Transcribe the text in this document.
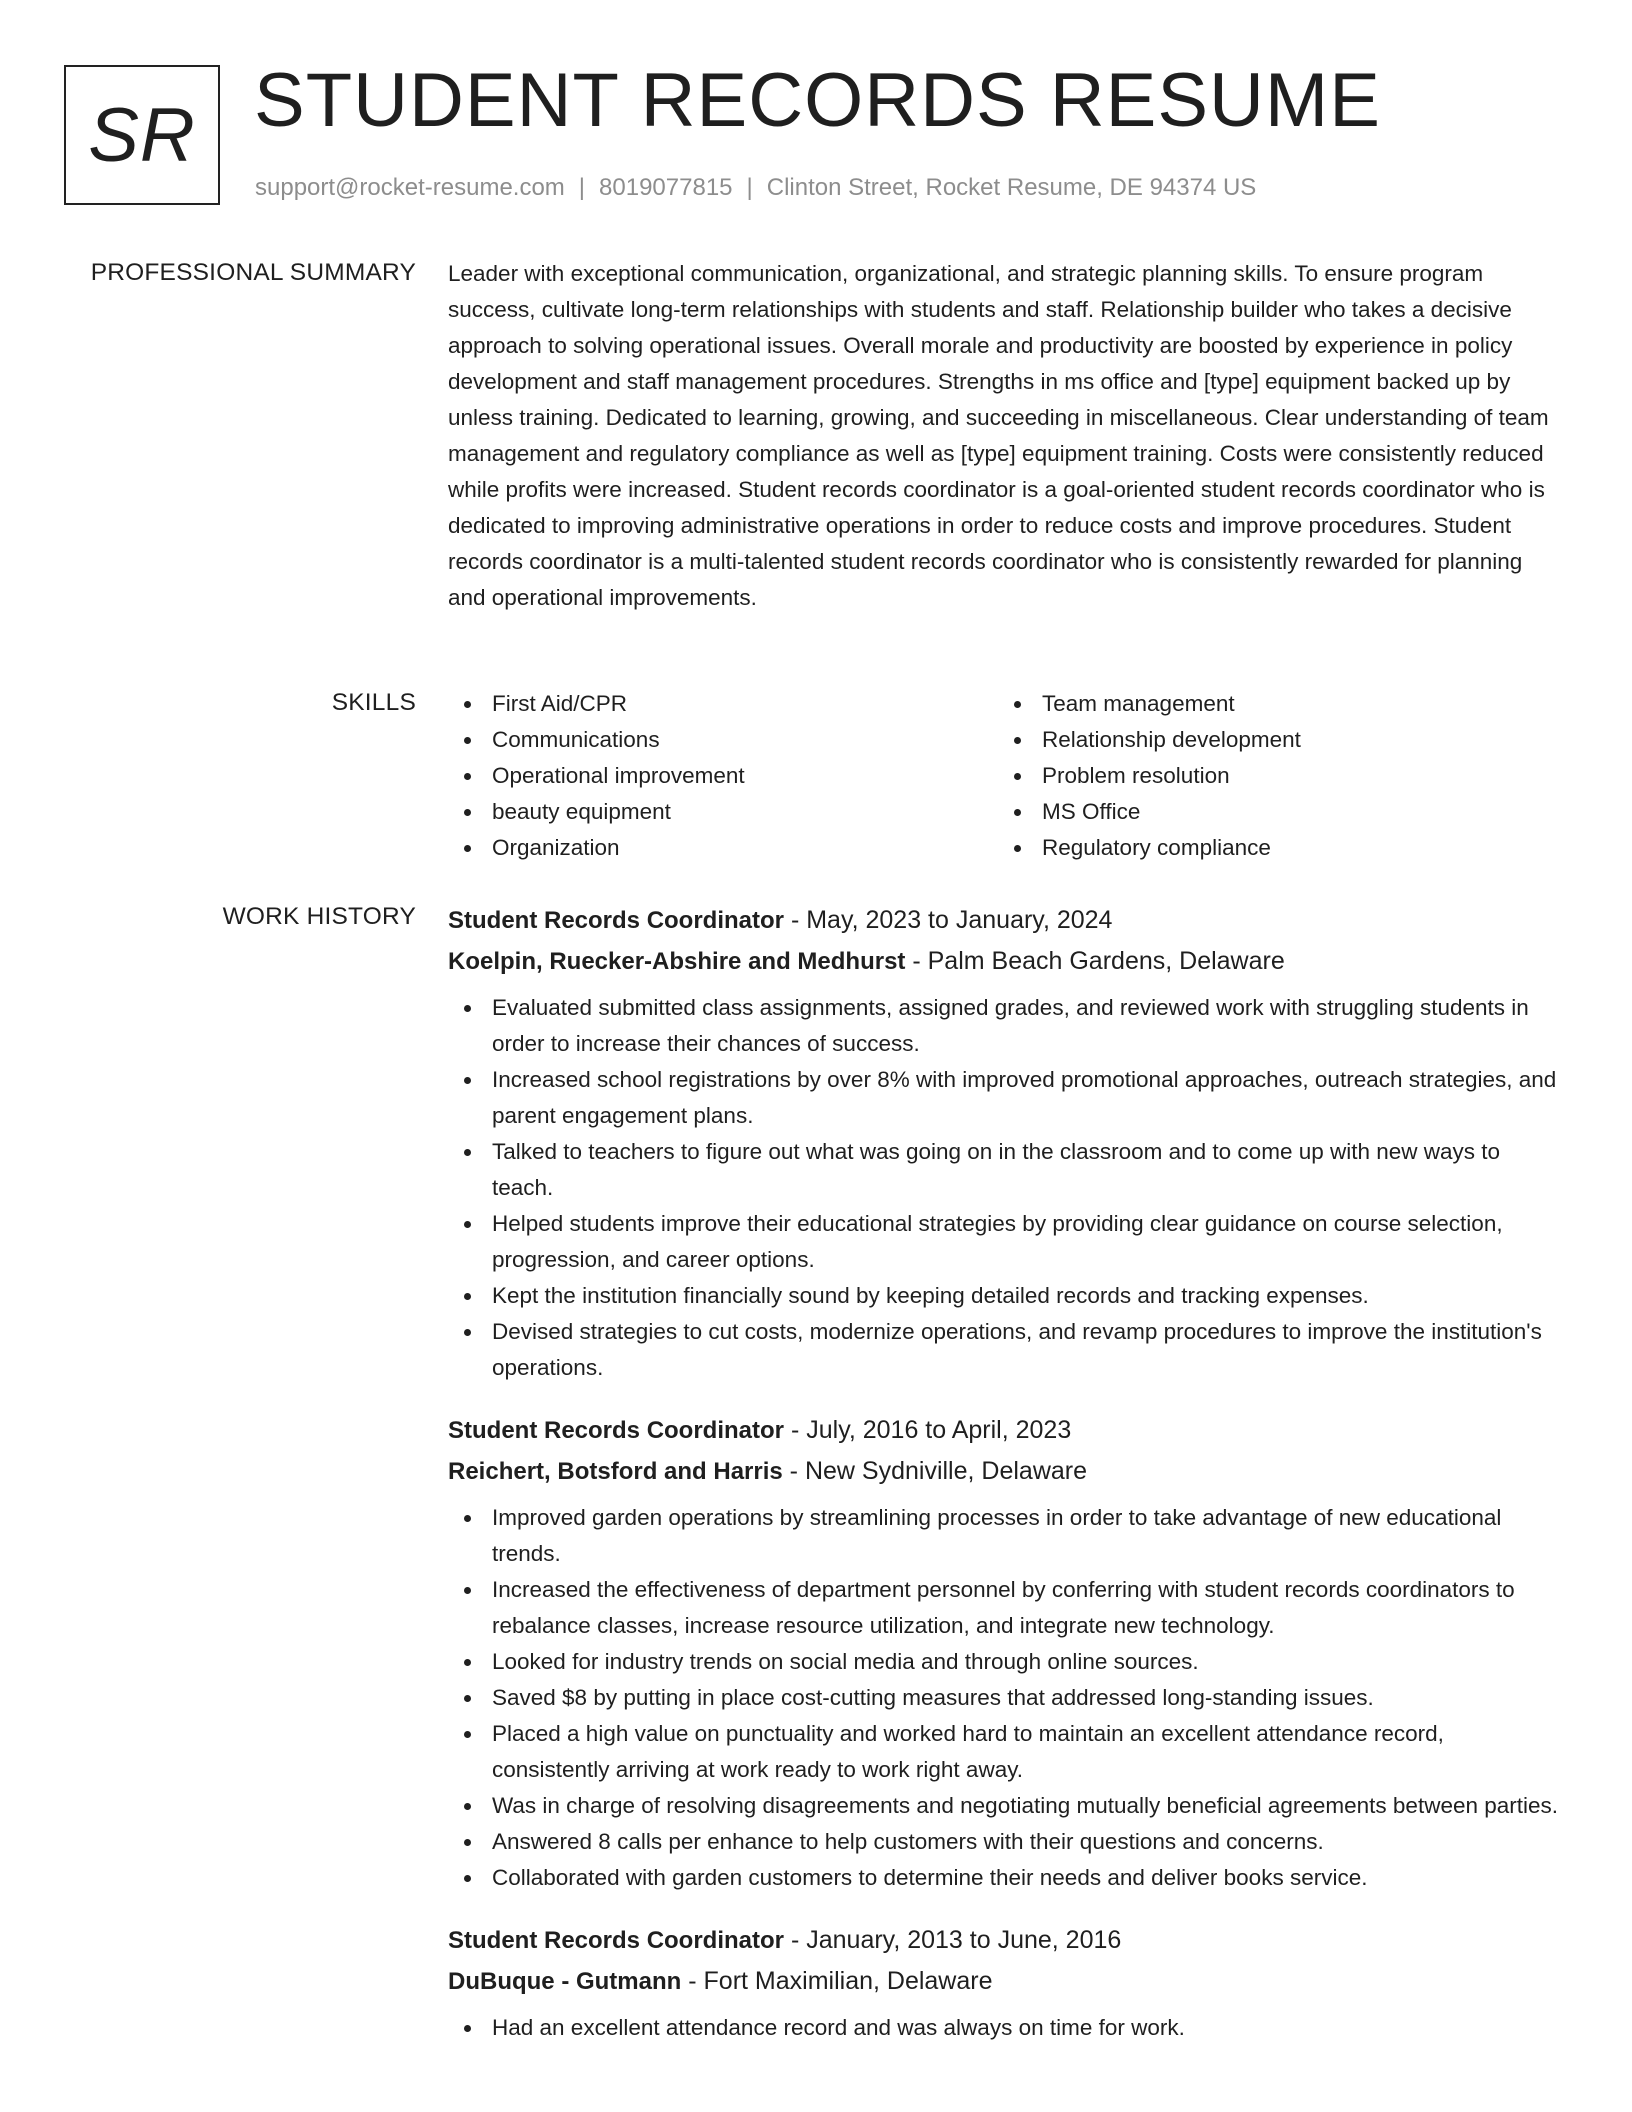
SR STUDENT RECORDS RESUME
support@rocket-resume.com | 8019077815 | Clinton Street, Rocket Resume, DE 94374 US
PROFESSIONAL SUMMARY Leader with exceptional communication, organizational, and strategic planning skills. To ensure program success, cultivate long-term relationships with students and staff. Relationship builder who takes a decisive approach to solving operational issues. Overall morale and productivity are boosted by experience in policy development and staff management procedures. Strengths in ms office and [type] equipment backed up by unless training. Dedicated to learning, growing, and succeeding in miscellaneous. Clear understanding of team management and regulatory compliance as well as [type] equipment training. Costs were consistently reduced while profits were increased. Student records coordinator is a goal-oriented student records coordinator who is dedicated to improving administrative operations in order to reduce costs and improve procedures. Student records coordinator is a multi-talented student records coordinator who is consistently rewarded for planning and operational improvements.

SKILLS	First Aid/CPR
Communications
Operational improvement
beauty equipment
Organization
Team management
Relationship development
Problem resolution
MS Office
Regulatory compliance
WORK HISTORY Student Records Coordinator - May, 2023 to January, 2024
Koelpin, Ruecker-Abshire and Medhurst - Palm Beach Gardens, Delaware
Evaluated submitted class assignments, assigned grades, and reviewed work with struggling students in order to increase their chances of success.
Increased school registrations by over 8% with improved promotional approaches, outreach strategies, and parent engagement plans.
Talked to teachers to figure out what was going on in the classroom and to come up with new ways to teach.
Helped students improve their educational strategies by providing clear guidance on course selection, progression, and career options.
Kept the institution financially sound by keeping detailed records and tracking expenses.
Devised strategies to cut costs, modernize operations, and revamp procedures to improve the institution's operations.
Student Records Coordinator - July, 2016 to April, 2023
Reichert, Botsford and Harris - New Sydniville, Delaware
Improved garden operations by streamlining processes in order to take advantage of new educational trends.
Increased the effectiveness of department personnel by conferring with student records coordinators to rebalance classes, increase resource utilization, and integrate new technology.
Looked for industry trends on social media and through online sources.
Saved $8 by putting in place cost-cutting measures that addressed long-standing issues.
Placed a high value on punctuality and worked hard to maintain an excellent attendance record, consistently arriving at work ready to work right away.
Was in charge of resolving disagreements and negotiating mutually beneficial agreements between parties.
Answered 8 calls per enhance to help customers with their questions and concerns.
Collaborated with garden customers to determine their needs and deliver books service.
Student Records Coordinator - January, 2013 to June, 2016
DuBuque - Gutmann - Fort Maximilian, Delaware
Had an excellent attendance record and was always on time for work.
